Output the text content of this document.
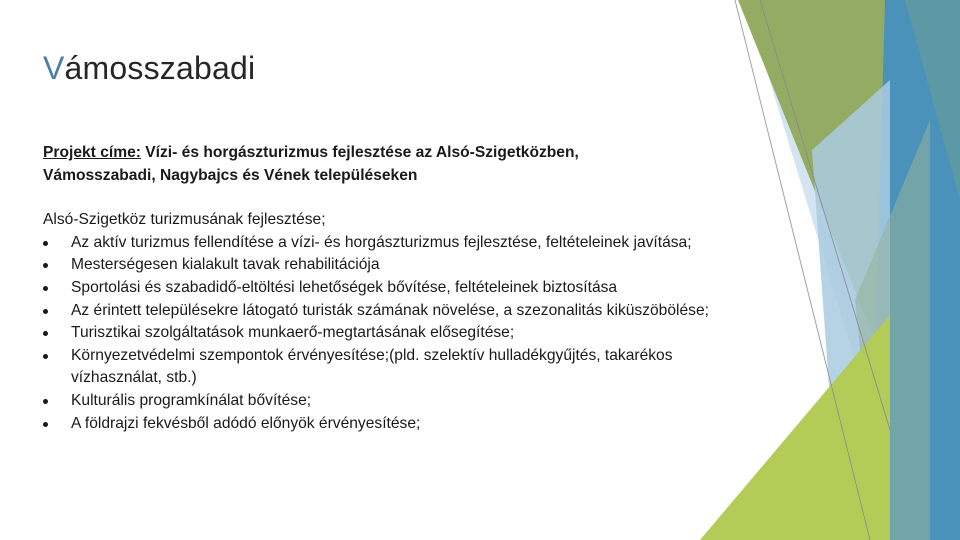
Vámosszabadi
Projekt címe: Vízi- és horgászturizmus fejlesztése az Alsó-Szigetközben,
Vámosszabadi, Nagybajcs és Vének településeken
Alsó-Szigetköz turizmusának fejlesztése;
Az aktív turizmus fellendítése a vízi- és horgászturizmus fejlesztése, feltételeinek javítása;
Mesterségesen kialakult tavak rehabilitációja
Sportolási és szabadidő-eltöltési lehetőségek bővítése, feltételeinek biztosítása
Az érintett településekre látogató turisták számának növelése, a szezonalitás kiküszöbölése;
Turisztikai szolgáltatások munkaerő-megtartásának elősegítése;
Környezetvédelmi szempontok érvényesítése;(pld. szelektív hulladékgyűjtés, takarékos vízhasználat, stb.)
Kulturális programkínálat bővítése;
A földrajzi fekvésből adódó előnyök érvényesítése;
